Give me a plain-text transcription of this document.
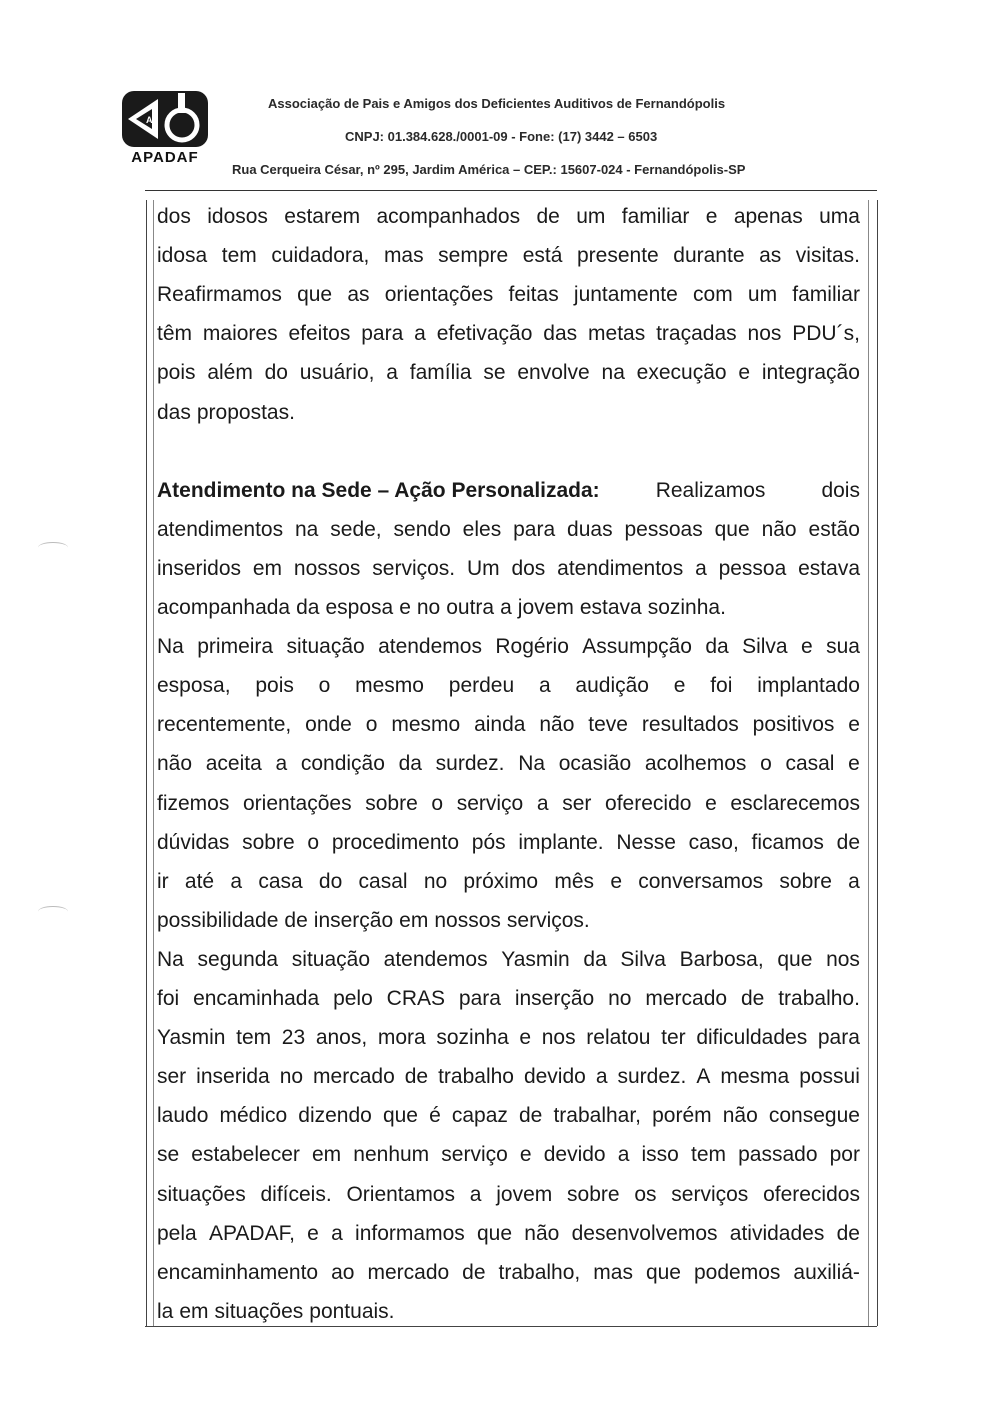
A
APADAF
Associação de Pais e Amigos dos Deficientes Auditivos de Fernandópolis
CNPJ: 01.384.628./0001-09 - Fone: (17) 3442 – 6503
Rua Cerqueira César, nº 295, Jardim América – CEP.: 15607-024 - Fernandópolis-SP
dos idosos estarem acompanhados de um familiar e apenas uma
idosa tem cuidadora, mas sempre está presente durante as visitas.
Reafirmamos que as orientações feitas juntamente com um familiar
têm maiores efeitos para a efetivação das metas traçadas nos PDU´s,
pois além do usuário, a família se envolve na execução e integração
das propostas.
Atendimento na Sede – Ação Personalizada:	Realizamos	dois
atendimentos na sede, sendo eles para duas pessoas que não estão
inseridos em nossos serviços. Um dos atendimentos a pessoa estava
acompanhada da esposa e no outra a jovem estava sozinha.
Na primeira situação atendemos Rogério Assumpção da Silva e sua
esposa, pois o mesmo perdeu a audição e foi implantado
recentemente, onde o mesmo ainda não teve resultados positivos e
não aceita a condição da surdez. Na ocasião acolhemos o casal e
fizemos orientações sobre o serviço a ser oferecido e esclarecemos
dúvidas sobre o procedimento pós implante. Nesse caso, ficamos de
ir até a casa do casal no próximo mês e conversamos sobre a
possibilidade de inserção em nossos serviços.
Na segunda situação atendemos Yasmin da Silva Barbosa, que nos
foi encaminhada pelo CRAS para inserção no mercado de trabalho.
Yasmin tem 23 anos, mora sozinha e nos relatou ter dificuldades para
ser inserida no mercado de trabalho devido a surdez. A mesma possui
laudo médico dizendo que é capaz de trabalhar, porém não consegue
se estabelecer em nenhum serviço e devido a isso tem passado por
situações difíceis. Orientamos a jovem sobre os serviços oferecidos
pela APADAF, e a informamos que não desenvolvemos atividades de
encaminhamento ao mercado de trabalho, mas que podemos auxiliá-
la em situações pontuais.
